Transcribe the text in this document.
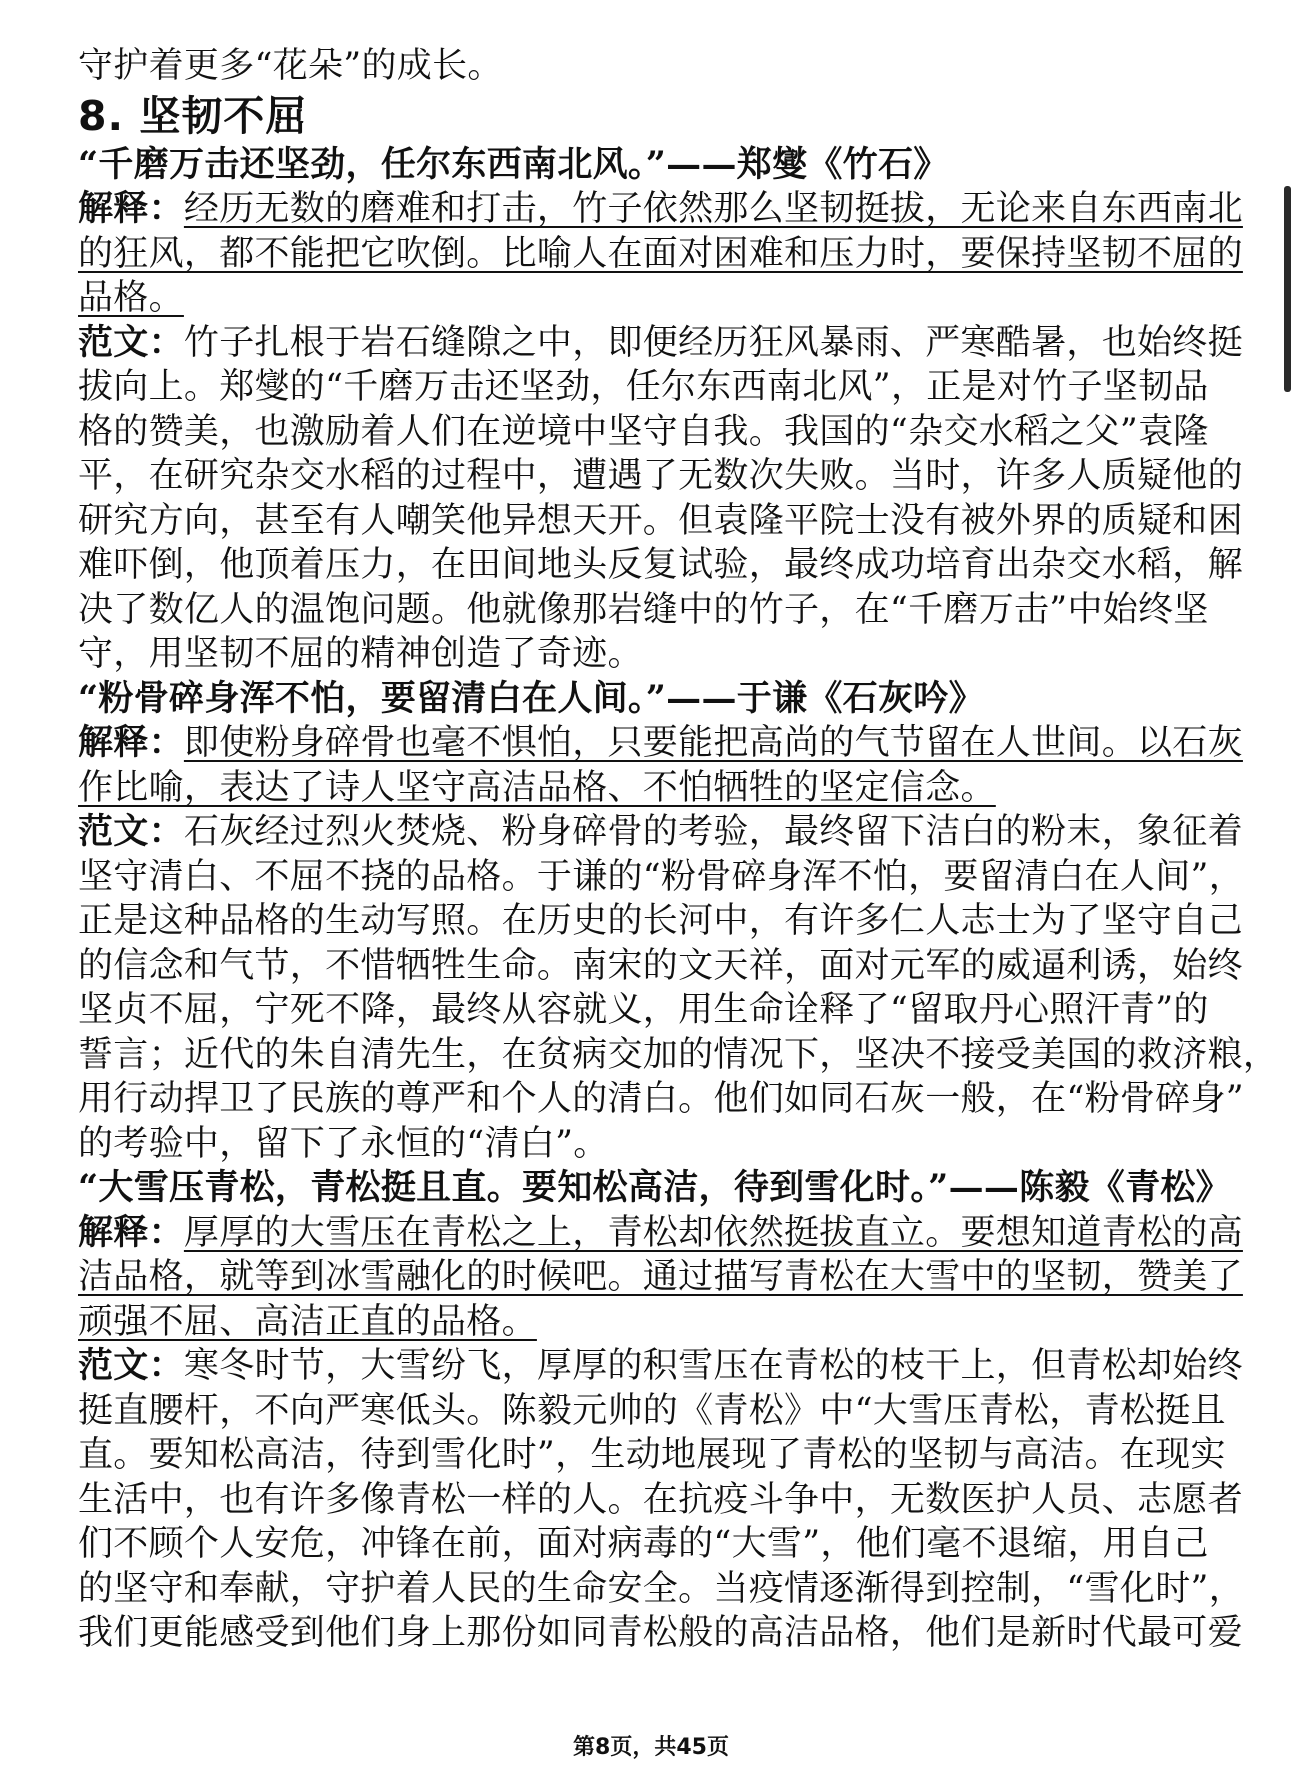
守护着更多“花朵”的成长。
8. 坚韧不屈
“千磨万击还坚劲，任尔东西南北风。”——郑燮《竹石》
解释：经历无数的磨难和打击，竹子依然那么坚韧挺拔，无论来自东西南北
的狂风，都不能把它吹倒。比喻人在面对困难和压力时，要保持坚韧不屈的
品格。
范文：竹子扎根于岩石缝隙之中，即便经历狂风暴雨、严寒酷暑，也始终挺
拔向上。郑燮的“千磨万击还坚劲，任尔东西南北风”，正是对竹子坚韧品
格的赞美，也激励着人们在逆境中坚守自我。我国的“杂交水稻之父”袁隆
平，在研究杂交水稻的过程中，遭遇了无数次失败。当时，许多人质疑他的
研究方向，甚至有人嘲笑他异想天开。但袁隆平院士没有被外界的质疑和困
难吓倒，他顶着压力，在田间地头反复试验，最终成功培育出杂交水稻，解
决了数亿人的温饱问题。他就像那岩缝中的竹子，在“千磨万击”中始终坚
守，用坚韧不屈的精神创造了奇迹。
“粉骨碎身浑不怕，要留清白在人间。”——于谦《石灰吟》
解释：即使粉身碎骨也毫不惧怕，只要能把高尚的气节留在人世间。以石灰
作比喻，表达了诗人坚守高洁品格、不怕牺牲的坚定信念。
范文：石灰经过烈火焚烧、粉身碎骨的考验，最终留下洁白的粉末，象征着
坚守清白、不屈不挠的品格。于谦的“粉骨碎身浑不怕，要留清白在人间”，
正是这种品格的生动写照。在历史的长河中，有许多仁人志士为了坚守自己
的信念和气节，不惜牺牲生命。南宋的文天祥，面对元军的威逼利诱，始终
坚贞不屈，宁死不降，最终从容就义，用生命诠释了“留取丹心照汗青”的
誓言；近代的朱自清先生，在贫病交加的情况下，坚决不接受美国的救济粮，
用行动捍卫了民族的尊严和个人的清白。他们如同石灰一般，在“粉骨碎身”
的考验中，留下了永恒的“清白”。
“大雪压青松，青松挺且直。要知松高洁，待到雪化时。”——陈毅《青松》
解释：厚厚的大雪压在青松之上，青松却依然挺拔直立。要想知道青松的高
洁品格，就等到冰雪融化的时候吧。通过描写青松在大雪中的坚韧，赞美了
顽强不屈、高洁正直的品格。
范文：寒冬时节，大雪纷飞，厚厚的积雪压在青松的枝干上，但青松却始终
挺直腰杆，不向严寒低头。陈毅元帅的《青松》中“大雪压青松，青松挺且
直。要知松高洁，待到雪化时”，生动地展现了青松的坚韧与高洁。在现实
生活中，也有许多像青松一样的人。在抗疫斗争中，无数医护人员、志愿者
们不顾个人安危，冲锋在前，面对病毒的“大雪”，他们毫不退缩，用自己
的坚守和奉献，守护着人民的生命安全。当疫情逐渐得到控制，“雪化时”，
我们更能感受到他们身上那份如同青松般的高洁品格，他们是新时代最可爱
第8页，共45页
